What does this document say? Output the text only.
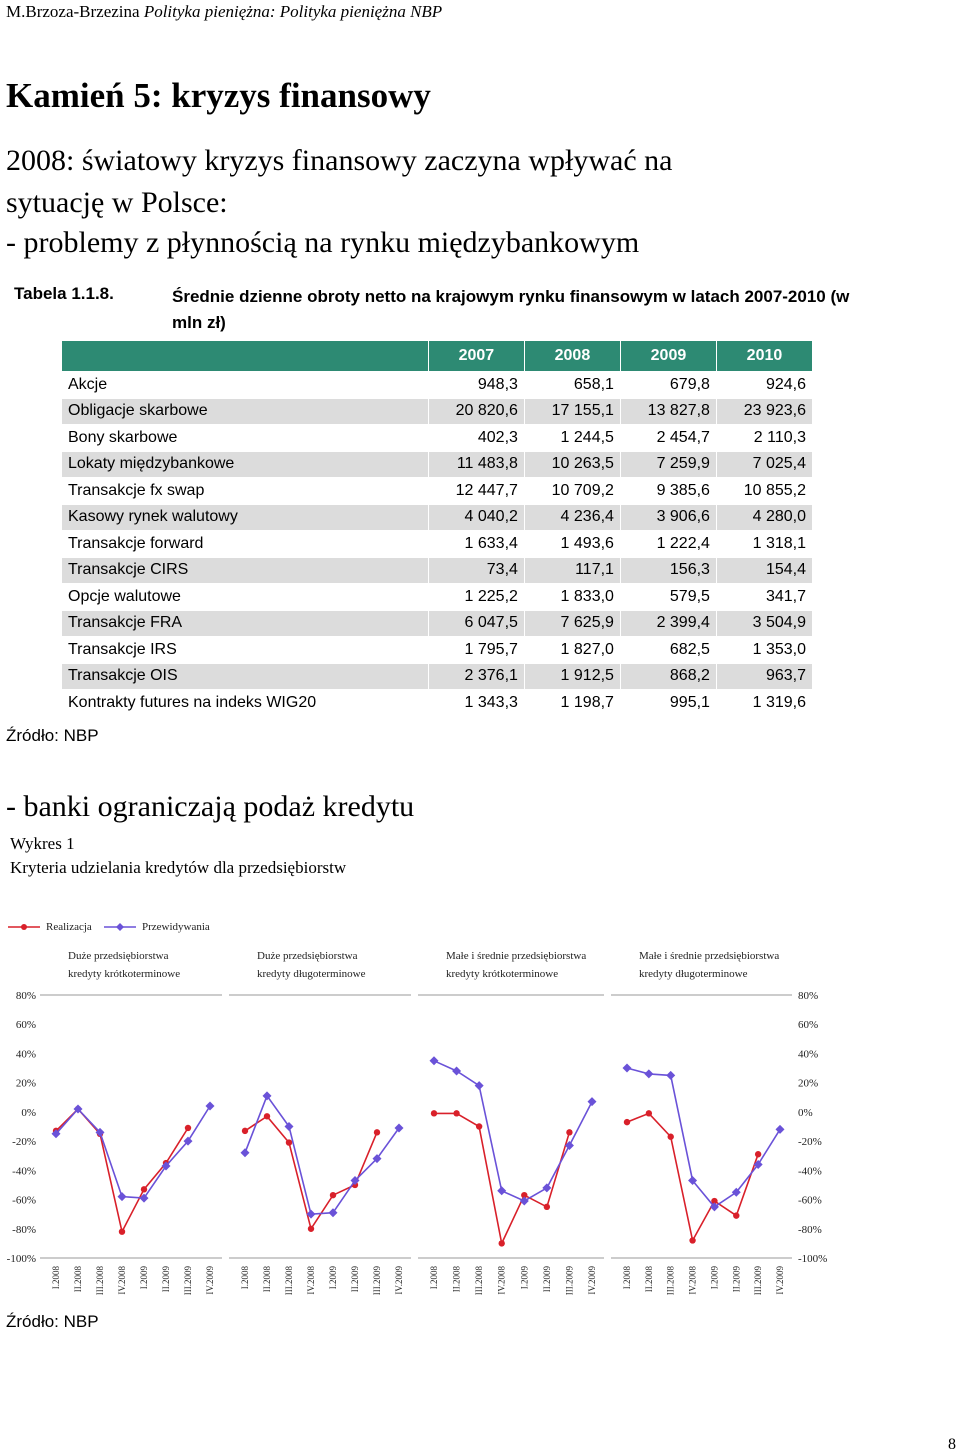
M.Brzoza-Brzezina Polityka pieniężna: Polityka pieniężna NBP
Kamień 5: kryzys finansowy
2008: światowy kryzys finansowy zaczyna wpływać na
sytuację w Polsce:
- problemy z płynnością na rynku międzybankowym
Tabela 1.1.8.	Średnie dzienne obroty netto na krajowym rynku finansowym w latach 2007-2010 (w mln zł)
	2007	2008	2009	2010
Akcje	948,3	658,1	679,8	924,6
Obligacje skarbowe	20 820,6	17 155,1	13 827,8	23 923,6
Bony skarbowe	402,3	1 244,5	2 454,7	2 110,3
Lokaty międzybankowe	11 483,8	10 263,5	7 259,9	7 025,4
Transakcje fx swap	12 447,7	10 709,2	9 385,6	10 855,2
Kasowy rynek walutowy	4 040,2	4 236,4	3 906,6	4 280,0
Transakcje forward	1 633,4	1 493,6	1 222,4	1 318,1
Transakcje CIRS	73,4	117,1	156,3	154,4
Opcje walutowe	1 225,2	1 833,0	579,5	341,7
Transakcje FRA	6 047,5	7 625,9	2 399,4	3 504,9
Transakcje IRS	1 795,7	1 827,0	682,5	1 353,0
Transakcje OIS	2 376,1	1 912,5	868,2	963,7
Kontrakty futures na indeks WIG20	1 343,3	1 198,7	995,1	1 319,6
Źródło: NBP
- banki ograniczają podaż kredytu
Wykres 1
Kryteria udzielania kredytów dla przedsiębiorstw
Realizacja	Przewidywania
80%	80%
60%	60%
40%	40%
20%	20%
0%	0%
-20%	-20%
-40%	-40%
-60%	-60%
-80%	-80%
-100%	-100%
Duże przedsiębiorstwa
kredyty krótkoterminowe
I.2008 II.2008 III.2008 IV.2008 I.2009 II.2009 III.2009 IV.2009
Duże przedsiębiorstwa
kredyty długoterminowe
I.2008 II.2008 III.2008 IV.2008 I.2009 II.2009 III.2009 IV.2009
Małe i średnie przedsiębiorstwa
kredyty krótkoterminowe
I.2008 II.2008 III.2008 IV.2008 I.2009 II.2009 III.2009 IV.2009
Małe i średnie przedsiębiorstwa
kredyty długoterminowe
I.2008 II.2008 III.2008 IV.2008 I.2009 II.2009 III.2009 IV.2009
Źródło: NBP
8
